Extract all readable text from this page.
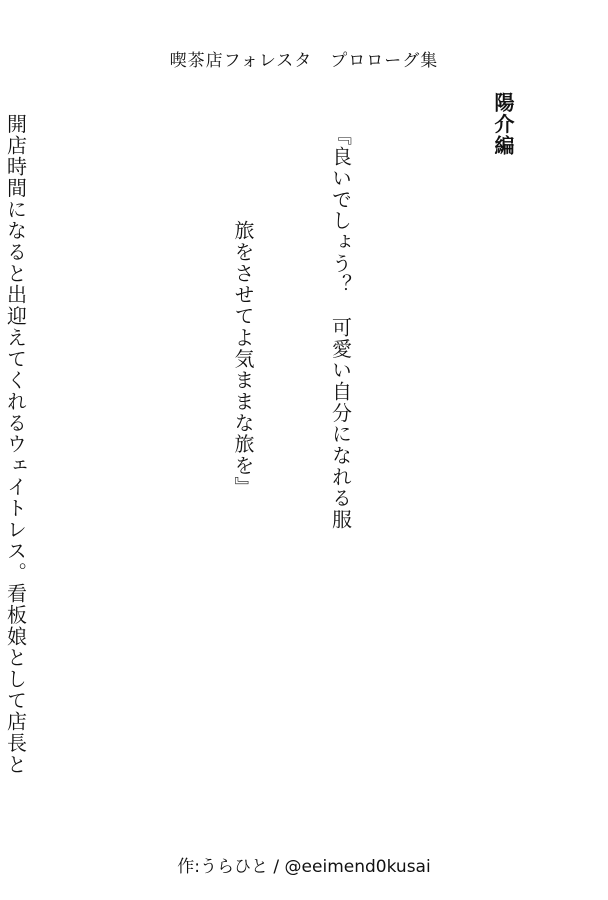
喫茶店フォレスタ　プロローグ集

陽介編

　　『良いでしょう？　可愛い自分になれる服

　　　　　　旅をさせてよ気ままな旅を』

　開店時間になると出迎えてくれるウェイトレス。看板娘として店長と

作:うらひと / @eeimend0kusai
